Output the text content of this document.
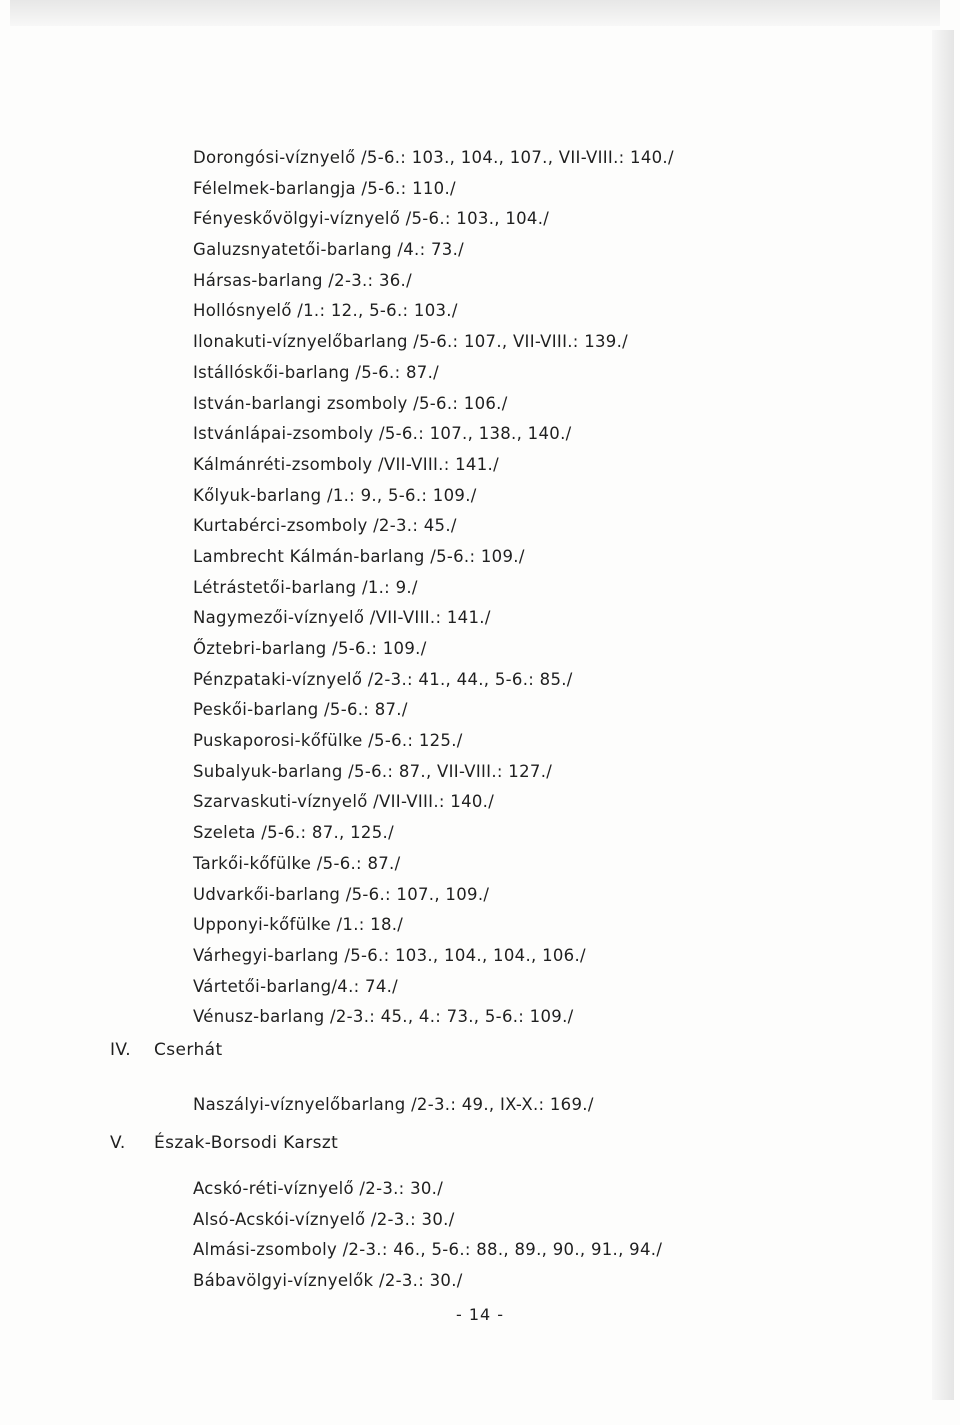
Dorongósi-víznyelő /5-6.: 103., 104., 107., VII-VIII.: 140./
Félelmek-barlangja /5-6.: 110./
Fényeskővölgyi-víznyelő /5-6.: 103., 104./
Galuzsnyatetői-barlang /4.: 73./
Hársas-barlang /2-3.: 36./
Hollósnyelő /1.: 12., 5-6.: 103./
Ilonakuti-víznyelőbarlang /5-6.: 107., VII-VIII.: 139./
Istállóskői-barlang /5-6.: 87./
István-barlangi zsomboly /5-6.: 106./
Istvánlápai-zsomboly /5-6.: 107., 138., 140./
Kálmánréti-zsomboly /VII-VIII.: 141./
Kőlyuk-barlang /1.: 9., 5-6.: 109./
Kurtabérci-zsomboly /2-3.: 45./
Lambrecht Kálmán-barlang /5-6.: 109./
Létrástetői-barlang /1.: 9./
Nagymezői-víznyelő /VII-VIII.: 141./
Őztebri-barlang /5-6.: 109./
Pénzpataki-víznyelő /2-3.: 41., 44., 5-6.: 85./
Peskői-barlang /5-6.: 87./
Puskaporosi-kőfülke /5-6.: 125./
Subalyuk-barlang /5-6.: 87., VII-VIII.: 127./
Szarvaskuti-víznyelő /VII-VIII.: 140./
Szeleta /5-6.: 87., 125./
Tarkői-kőfülke /5-6.: 87./
Udvarkői-barlang /5-6.: 107., 109./
Upponyi-kőfülke /1.: 18./
Várhegyi-barlang /5-6.: 103., 104., 104., 106./
Vártetői-barlang/4.: 74./
Vénusz-barlang /2-3.: 45., 4.: 73., 5-6.: 109./
IV. Cserhát
Naszályi-víznyelőbarlang /2-3.: 49., IX-X.: 169./
V. Észak-Borsodi Karszt
Acskó-réti-víznyelő /2-3.: 30./
Alsó-Acskói-víznyelő /2-3.: 30./
Almási-zsomboly /2-3.: 46., 5-6.: 88., 89., 90., 91., 94./
Bábavölgyi-víznyelők /2-3.: 30./
- 14 -
